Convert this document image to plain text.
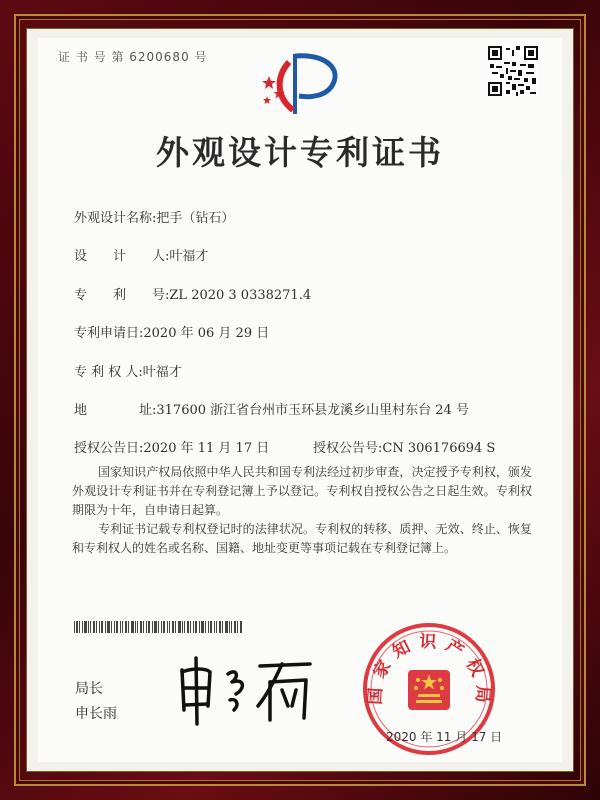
证 书 号 第 6200680 号
外观设计专利证书
外观设计名称:把手（钻石）
设　　计　　人:叶福才
专　　利　　号:ZL 2020 3 0338271.4
专利申请日:2020 年 06 月 29 日
专 利 权 人:叶福才
地　　　　址:317600 浙江省台州市玉环县龙溪乡山里村东台 24 号
授权公告日:2020 年 11 月 17 日	授权公告号:CN 306176694 S
国家知识产权局依照中华人民共和国专利法经过初步审查，决定授予专利权，颁发外观设计专利证书并在专利登记簿上予以登记。专利权自授权公告之日起生效。专利权期限为十年，自申请日起算。
专利证书记载专利权登记时的法律状况。专利权的转移、质押、无效、终止、恢复和专利权人的姓名或名称、国籍、地址变更等事项记载在专利登记簿上。
局长
申长雨
国家知识产权局
2020 年 11 月 17 日
